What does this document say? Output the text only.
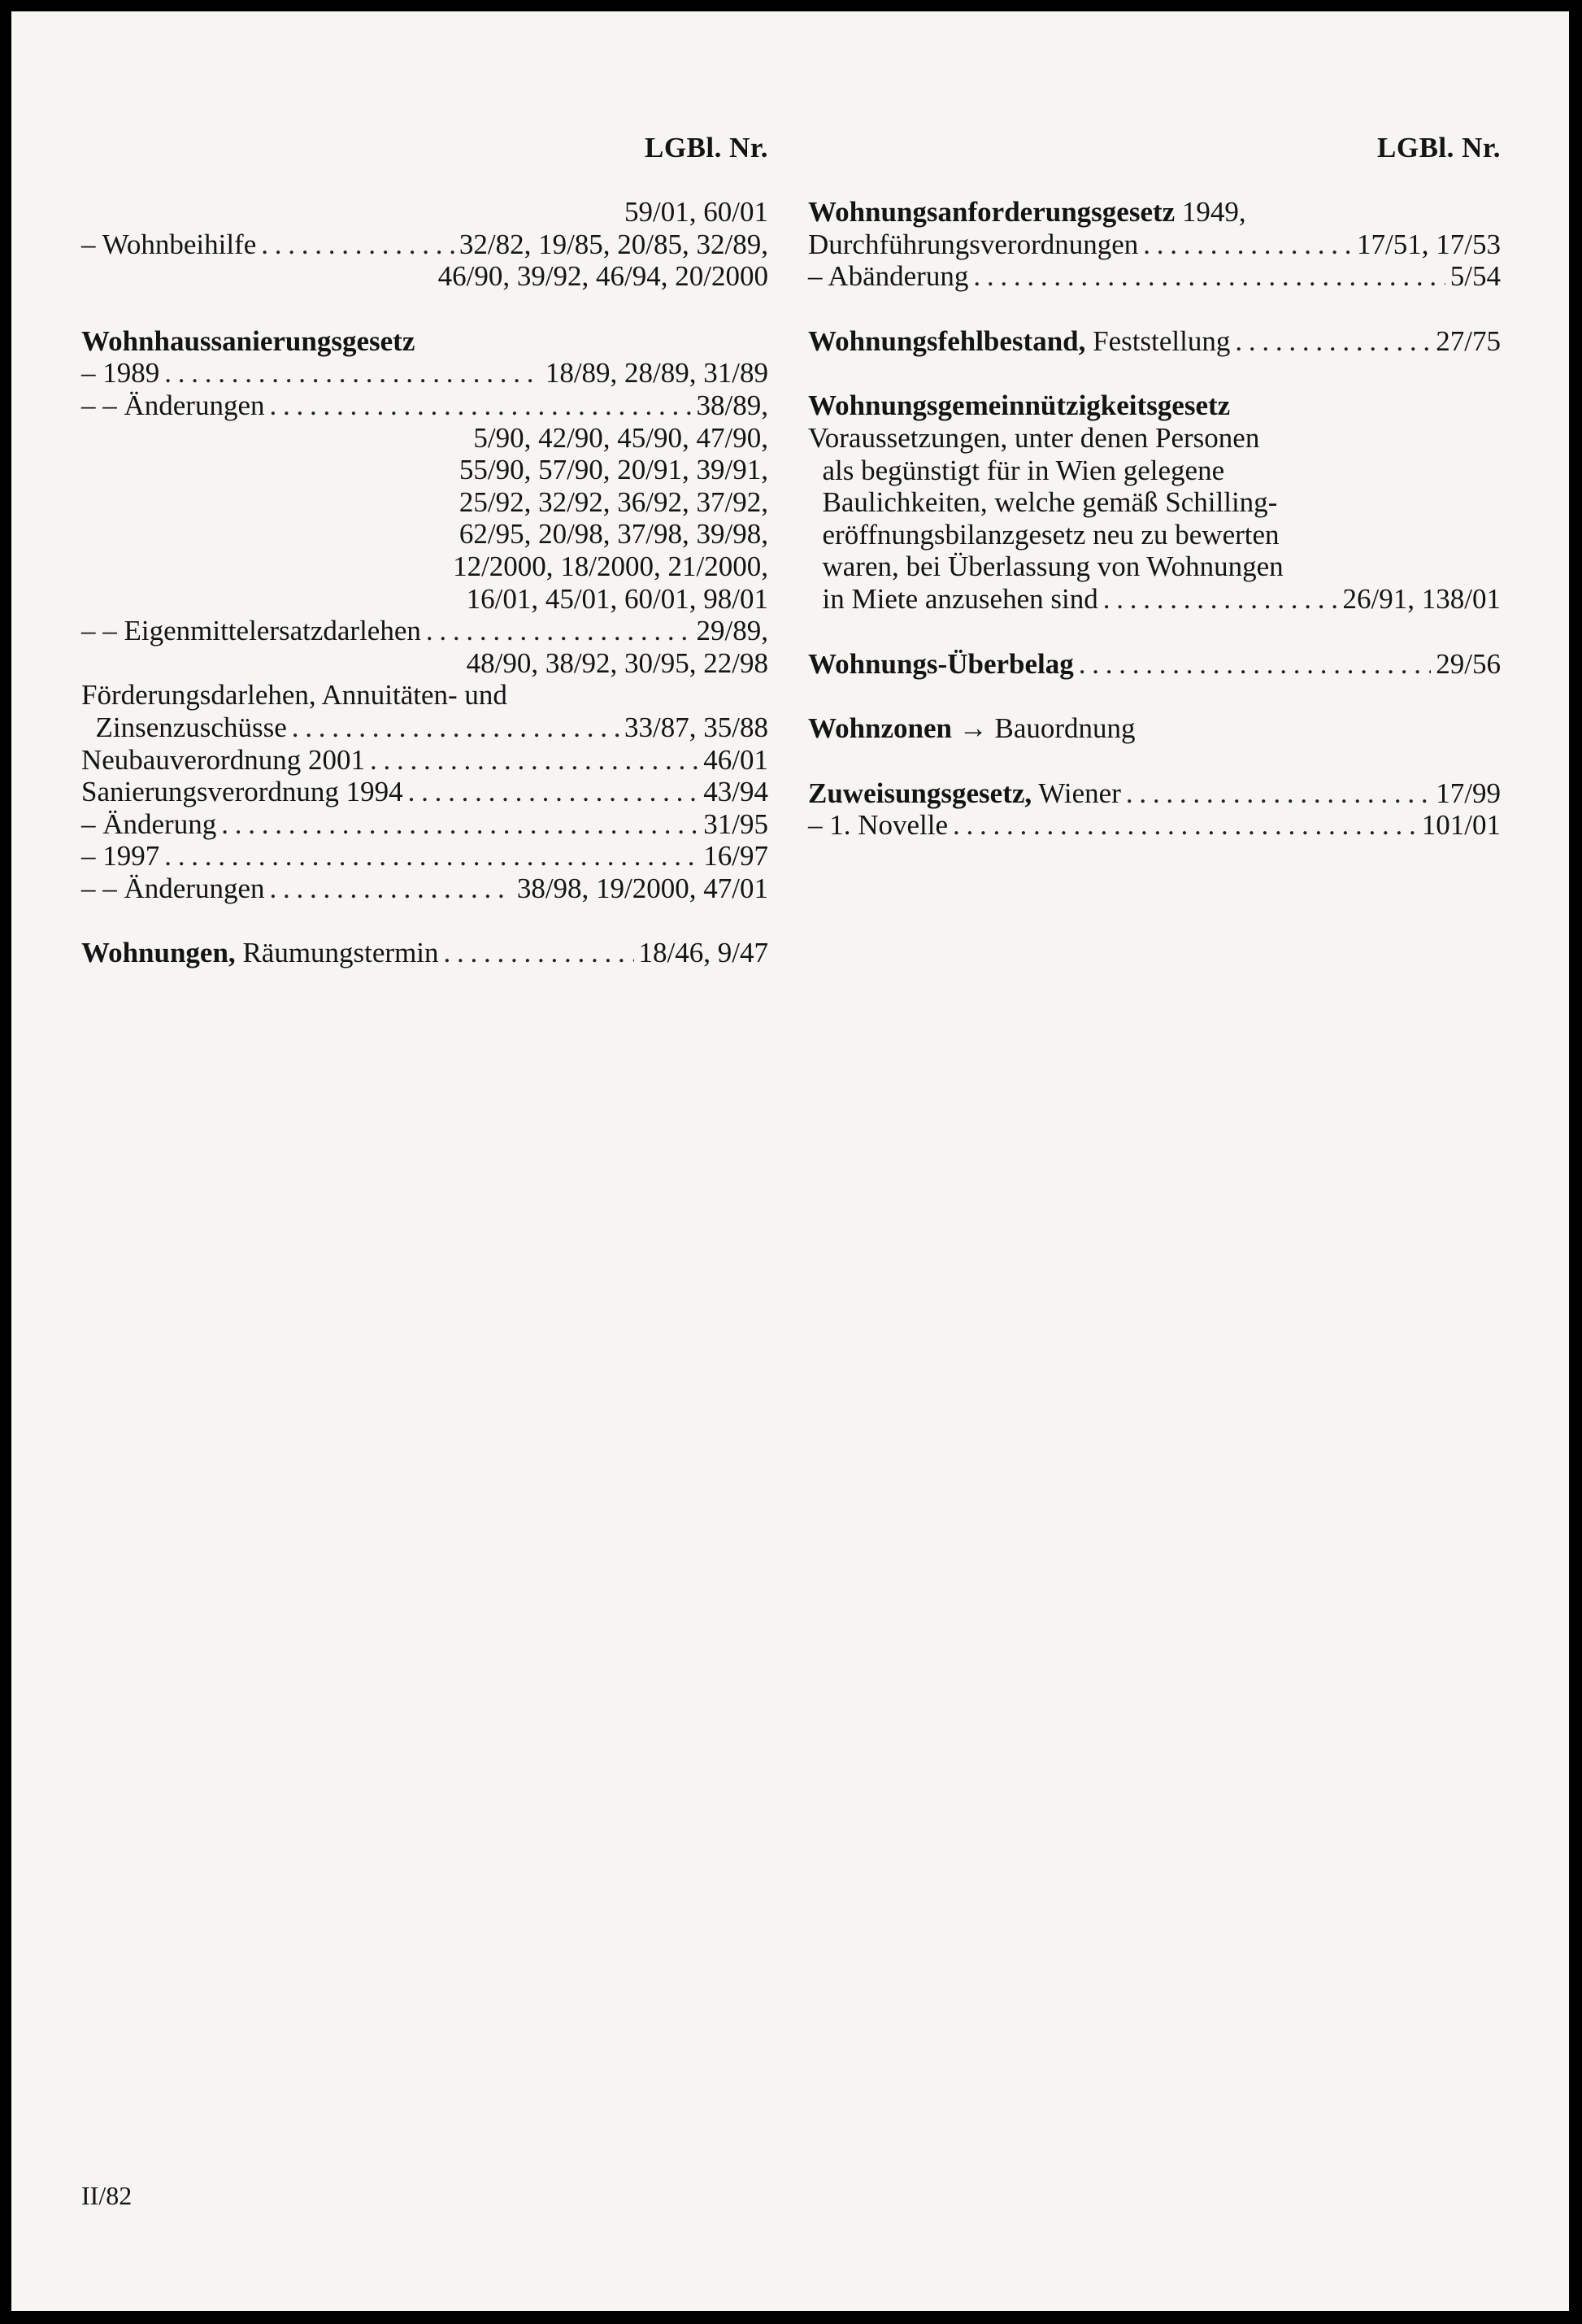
LGBl. Nr.
59/01, 60/01
– Wohnbeihilfe . . .	32/82, 19/85, 20/85, 32/89,
46/90, 39/92, 46/94, 20/2000
Wohnhaussanierungsgesetz
– 1989 . . .	18/89, 28/89, 31/89
– – Änderungen . . .	38/89,
5/90, 42/90, 45/90, 47/90,
55/90, 57/90, 20/91, 39/91,
25/92, 32/92, 36/92, 37/92,
62/95, 20/98, 37/98, 39/98,
12/2000, 18/2000, 21/2000,
16/01, 45/01, 60/01, 98/01
– – Eigenmittelersatzdarlehen . . .	29/89,
48/90, 38/92, 30/95, 22/98
Förderungsdarlehen, Annuitäten- und
Zinsenzuschüsse . . .	33/87, 35/88
Neubauverordnung 2001 . . .	46/01
Sanierungsverordnung 1994 . . .	43/94
– Änderung . . .	31/95
– 1997 . . .	16/97
– – Änderungen . . .	38/98, 19/2000, 47/01
Wohnungen, Räumungstermin . . .	18/46, 9/47
LGBl. Nr.
Wohnungsanforderungsgesetz 1949,
Durchführungsverordnungen . . .	17/51, 17/53
– Abänderung . . .	5/54
Wohnungsfehlbestand, Feststellung . . .	27/75
Wohnungsgemeinnützigkeitsgesetz
Voraussetzungen, unter denen Personen
als begünstigt für in Wien gelegene
Baulichkeiten, welche gemäß Schilling-
eröffnungsbilanzgesetz neu zu bewerten
waren, bei Überlassung von Wohnungen
in Miete anzusehen sind . . .	26/91, 138/01
Wohnungs-Überbelag . . .	29/56
Wohnzonen → Bauordnung
Zuweisungsgesetz, Wiener . . .	17/99
– 1. Novelle . . .	101/01
II/82
